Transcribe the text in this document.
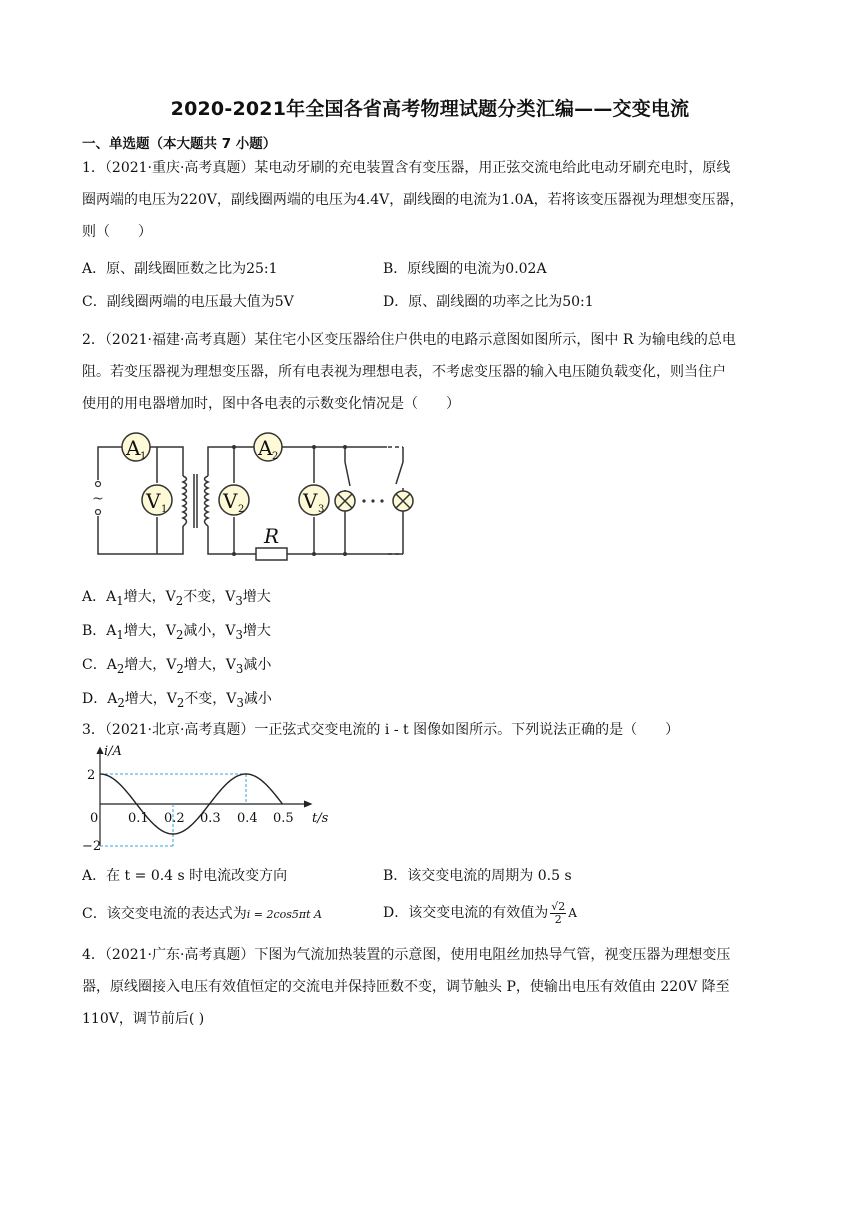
2020-2021年全国各省高考物理试题分类汇编——交变电流
一、单选题（本大题共 7 小题）
1．（2021·重庆·高考真题）某电动牙刷的充电装置含有变压器，用正弦交流电给此电动牙刷充电时，原线
圈两端的电压为220V，副线圈两端的电压为4.4V，副线圈的电流为1.0A，若将该变压器视为理想变压器，
则（　　）
A．原、副线圈匝数之比为25:1	B．原线圈的电流为0.02A
C．副线圈两端的电压最大值为5V	D．原、副线圈的功率之比为50:1
2．（2021·福建·高考真题）某住宅小区变压器给住户供电的电路示意图如图所示，图中 R 为输电线的总电
阻。若变压器视为理想变压器，所有电表视为理想电表，不考虑变压器的输入电压随负载变化，则当住户
使用的用电器增加时，图中各电表的示数变化情况是（　　）
~
A 1
V 1
A 2
V 2	V 3
R
A．$A_1$增大，$V_2$不变，$V_3$增大
B．$A_1$增大，$V_2$减小，$V_3$增大
C．$A_2$增大，$V_2$增大，$V_3$减小
D．$A_2$增大，$V_2$不变，$V_3$减小
3．（2021·北京·高考真题）一正弦式交变电流的 i - t 图像如图所示。下列说法正确的是（　　）
i/A
t/s
2
−2
0 0.1 0.2 0.3 0.4 0.5
A．在 t = 0.4 s 时电流改变方向	B．该交变电流的周期为 0.5 s
C．该交变电流的表达式为i = 2cos5πt A	D．该交变电流的有效值为 $\frac{√2}{2}$ A
4．（2021·广东·高考真题）下图为气流加热装置的示意图，使用电阻丝加热导气管，视变压器为理想变压
器，原线圈接入电压有效值恒定的交流电并保持匝数不变，调节触头 P，使输出电压有效值由 220V 降至
110V，调节前后( )
